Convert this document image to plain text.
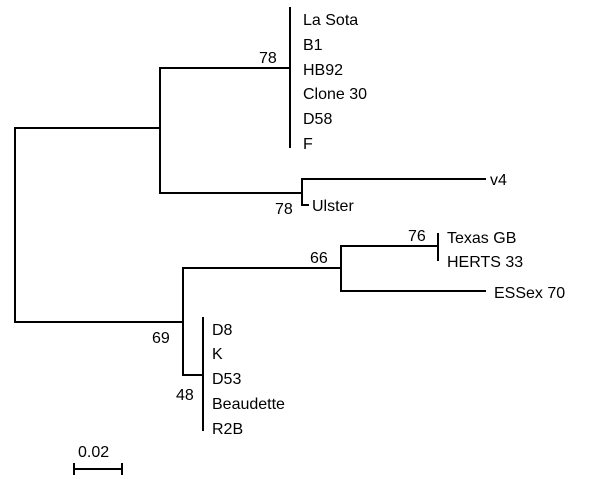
La Sota
B1
HB92
Clone 30
D58
F
v4
Ulster
Texas GB
HERTS 33
ESSex 70
D8
K
D53
Beaudette
R2B
78
78
76
66
69
48
0.02
